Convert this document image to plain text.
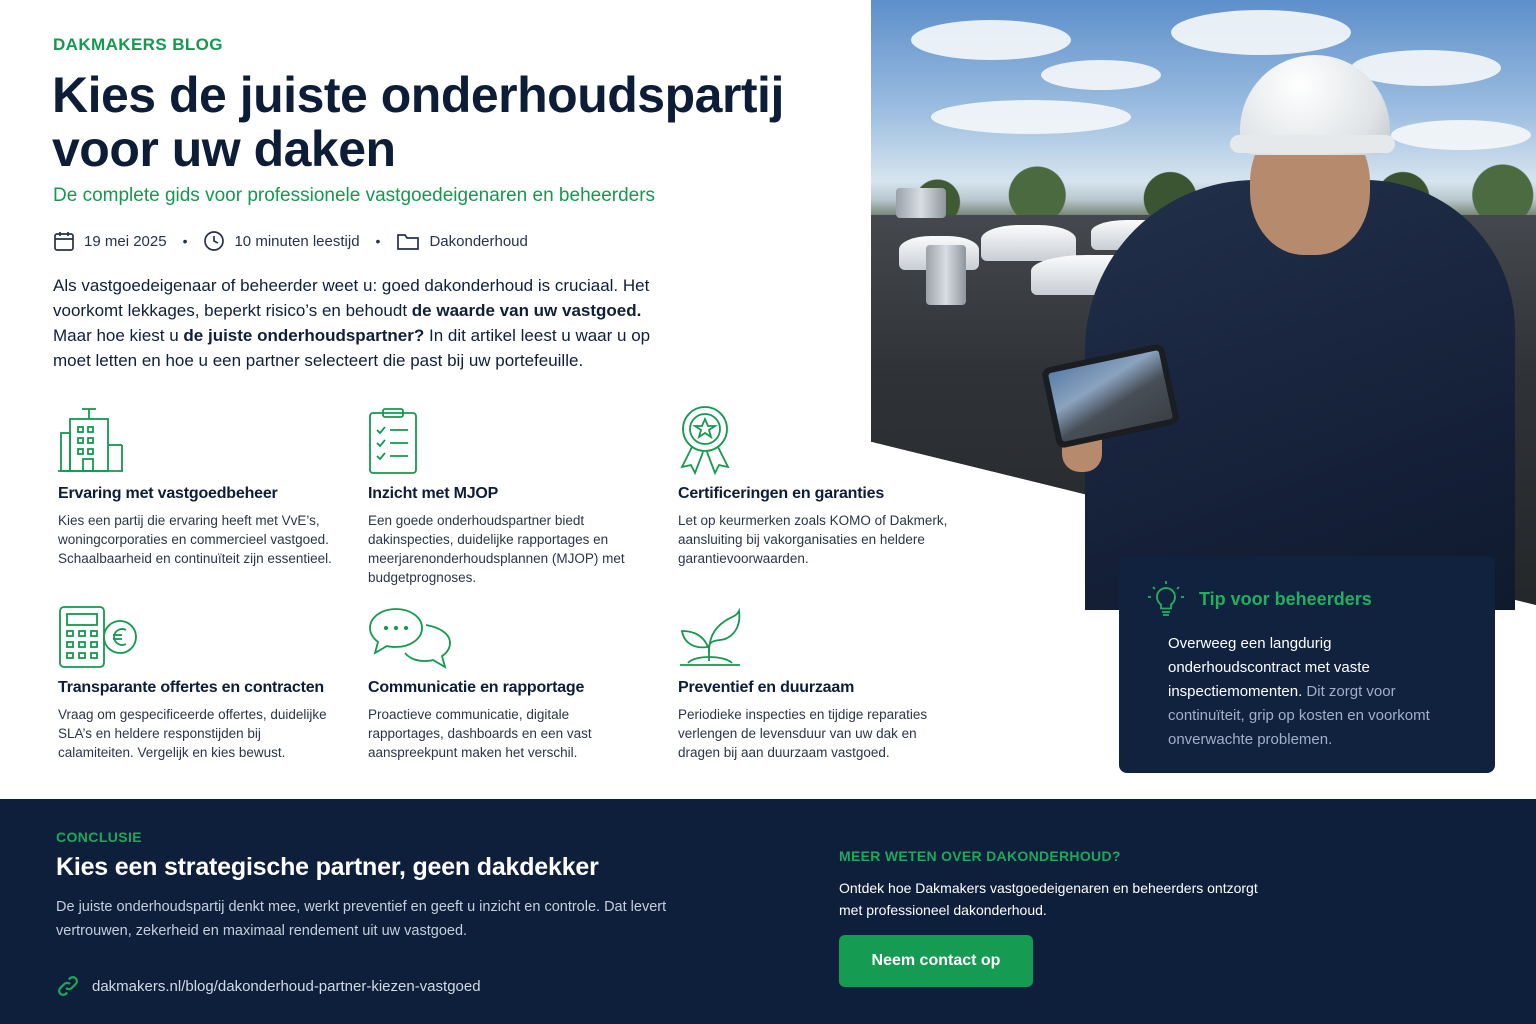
DAKMAKERS BLOG
Kies de juiste onderhoudspartij voor uw daken
De complete gids voor professionele vastgoedeigenaren en beheerders
19 mei 2025 •	10 minuten leestijd •	Dakonderhoud

Als vastgoedeigenaar of beheerder weet u: goed dakonderhoud is cruciaal. Het voorkomt lekkages, beperkt risico’s en behoudt de waarde van uw vastgoed. Maar hoe kiest u de juiste onderhoudspartner? In dit artikel leest u waar u op moet letten en hoe u een partner selecteert die past bij uw portefeuille.

Ervaring met vastgoedbeheer

Kies een partij die ervaring heeft met VvE’s, woningcorporaties en commercieel vastgoed. Schaalbaarheid en continuïteit zijn essentieel.

Inzicht met MJOP

Een goede onderhoudspartner biedt dakinspecties, duidelijke rapportages en meerjarenonderhoudsplannen (MJOP) met budgetprognoses.

Certificeringen en garanties

Let op keurmerken zoals KOMO of Dakmerk, aansluiting bij vakorganisaties en heldere garantievoorwaarden.

Transparante offertes en contracten

Vraag om gespecificeerde offertes, duidelijke SLA’s en heldere responstijden bij calamiteiten. Vergelijk en kies bewust.

Communicatie en rapportage

Proactieve communicatie, digitale rapportages, dashboards en een vast aanspreekpunt maken het verschil.

Preventief en duurzaam

Periodieke inspecties en tijdige reparaties verlengen de levensduur van uw dak en dragen bij aan duurzaam vastgoed.

Tip voor beheerders

Overweeg een langdurig onderhoudscontract met vaste inspectiemomenten. Dit zorgt voor continuïteit, grip op kosten en voorkomt onverwachte problemen.

CONCLUSIE
Kies een strategische partner, geen dakdekker

De juiste onderhoudspartij denkt mee, werkt preventief en geeft u inzicht en controle. Dat levert vertrouwen, zekerheid en maximaal rendement uit uw vastgoed.

dakmakers.nl/blog/dakonderhoud-partner-kiezen-vastgoed
MEER WETEN OVER DAKONDERHOUD?

Ontdek hoe Dakmakers vastgoedeigenaren en beheerders ontzorgt met professioneel dakonderhoud.

Neem contact op
